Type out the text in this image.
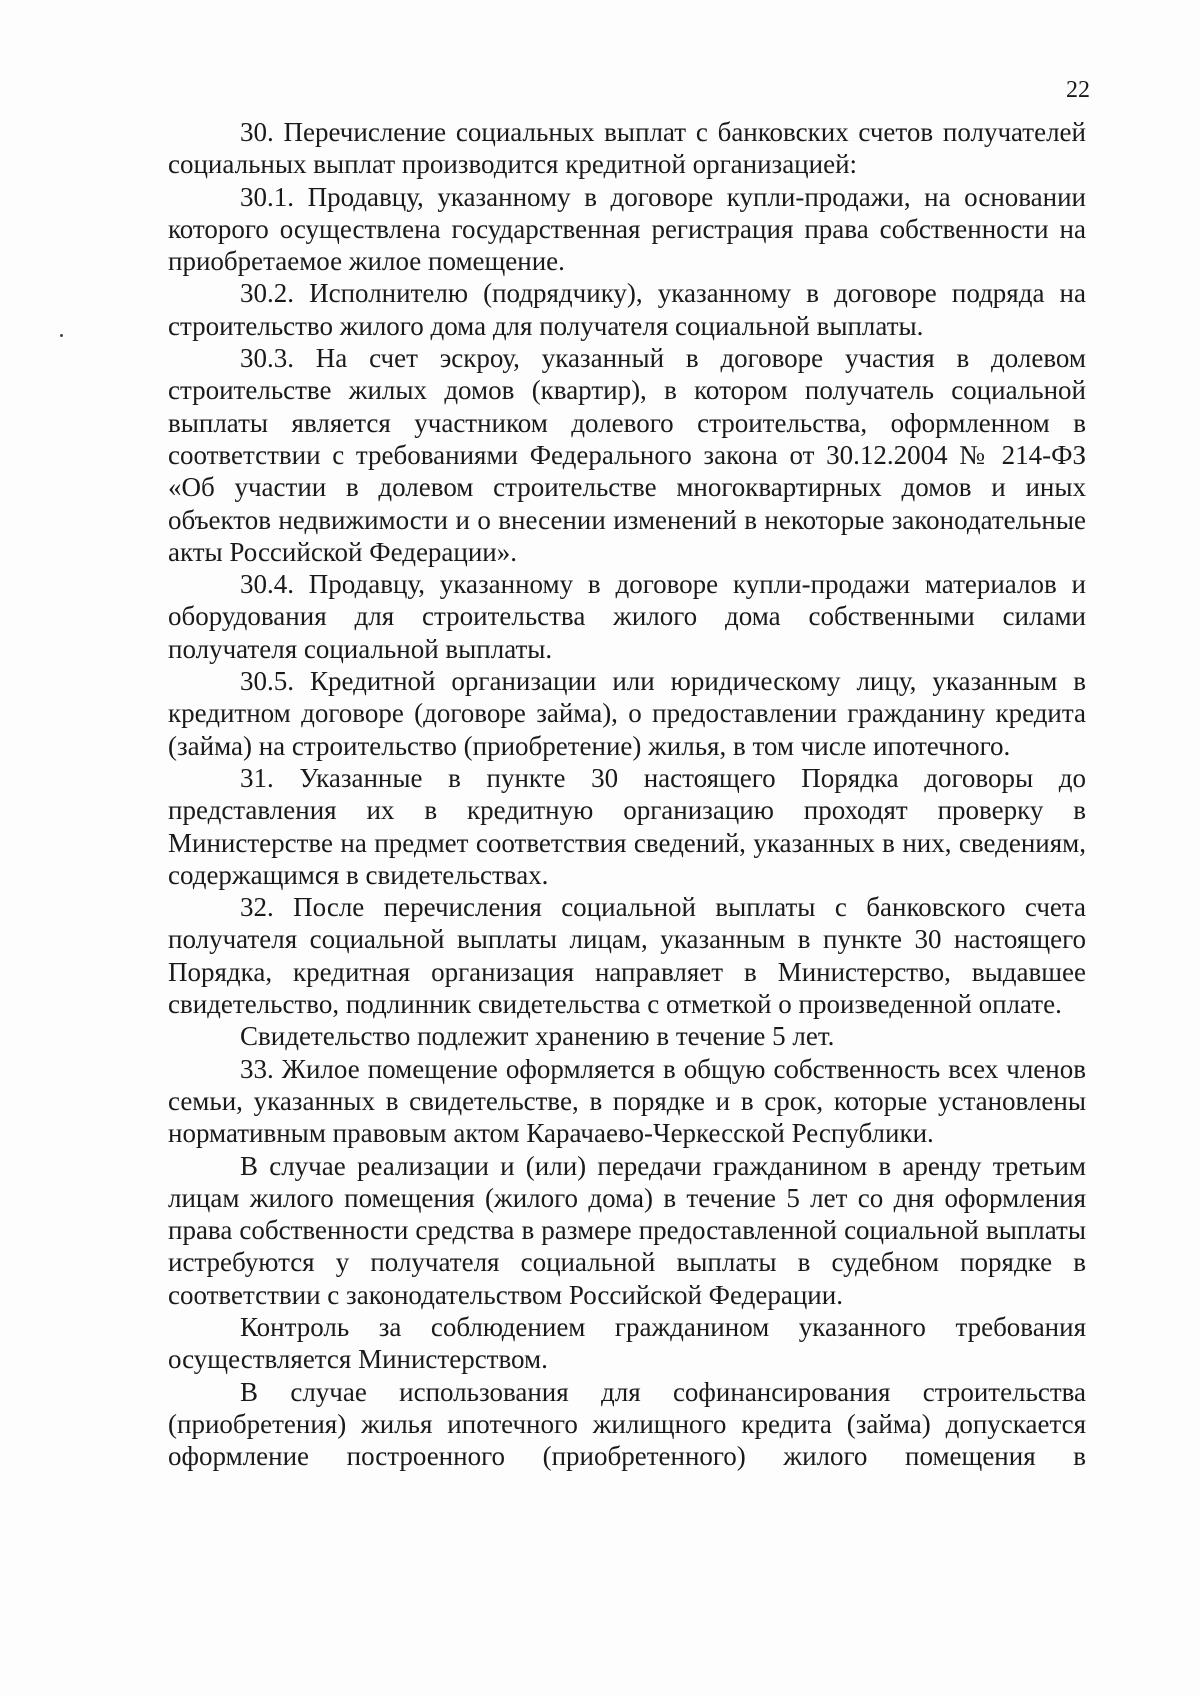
22

30. Перечисление социальных выплат с банковских счетов получателей социальных выплат производится кредитной организацией:

30.1. Продавцу, указанному в договоре купли-продажи, на основании которого осуществлена государственная регистрация права собственности на приобретаемое жилое помещение.

30.2. Исполнителю (подрядчику), указанному в договоре подряда на строительство жилого дома для получателя социальной выплаты.

30.3. На счет эскроу, указанный в договоре участия в долевом строительстве жилых домов (квартир), в котором получатель социальной выплаты является участником долевого строительства, оформленном в соответствии с требованиями Федерального закона от 30.12.2004 № 214-ФЗ «Об участии в долевом строительстве многоквартирных домов и иных объектов недвижимости и о внесении изменений в некоторые законодательные акты Российской Федерации».

30.4. Продавцу, указанному в договоре купли-продажи материалов и оборудования для строительства жилого дома собственными силами получателя социальной выплаты.

30.5. Кредитной организации или юридическому лицу, указанным в кредитном договоре (договоре займа), о предоставлении гражданину кредита (займа) на строительство (приобретение) жилья, в том числе ипотечного.

31. Указанные в пункте 30 настоящего Порядка договоры до представления их в кредитную организацию проходят проверку в Министерстве на предмет соответствия сведений, указанных в них, сведениям, содержащимся в свидетельствах.

32. После перечисления социальной выплаты с банковского счета получателя социальной выплаты лицам, указанным в пункте 30 настоящего Порядка, кредитная организация направляет в Министерство, выдавшее свидетельство, подлинник свидетельства с отметкой о произведенной оплате.

Свидетельство подлежит хранению в течение 5 лет.

33. Жилое помещение оформляется в общую собственность всех членов семьи, указанных в свидетельстве, в порядке и в срок, которые установлены нормативным правовым актом Карачаево-Черкесской Республики.

В случае реализации и (или) передачи гражданином в аренду третьим лицам жилого помещения (жилого дома) в течение 5 лет со дня оформления права собственности средства в размере предоставленной социальной выплаты истребуются у получателя социальной выплаты в судебном порядке в соответствии с законодательством Российской Федерации.

Контроль за соблюдением гражданином указанного требования осуществляется Министерством.

В случае использования для софинансирования строительства (приобретения) жилья ипотечного жилищного кредита (займа) допускается оформление построенного (приобретенного) жилого помещения в
